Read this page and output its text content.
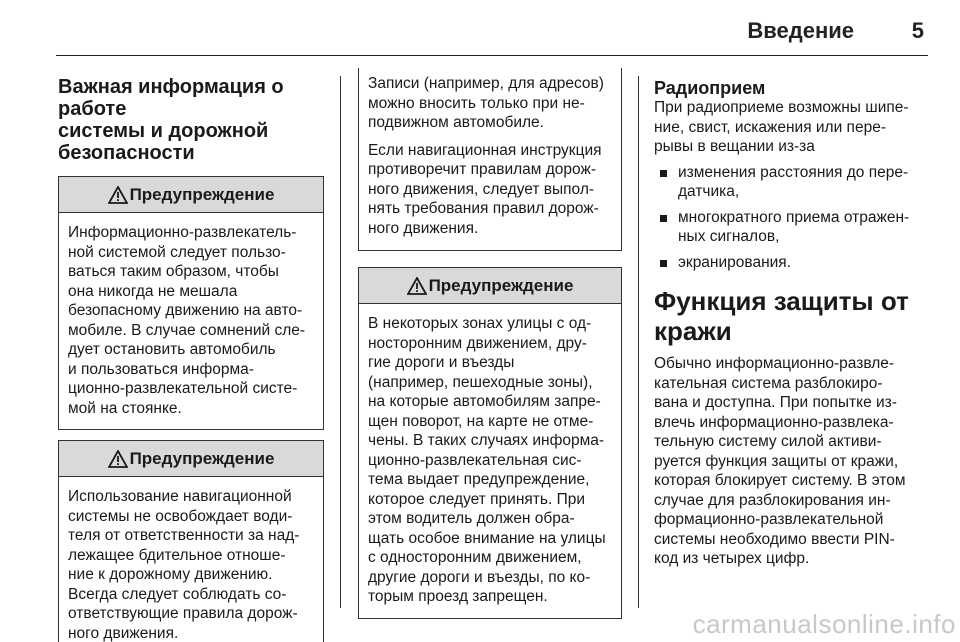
Введение	5
Важная информация о работе
системы и дорожной
безопасности
Предупреждение
Информационно-развлекатель-
ной системой следует пользо-
ваться таким образом, чтобы
она никогда не мешала
безопасному движению на авто-
мобиле. В случае сомнений сле-
дует остановить автомобиль
и пользоваться информа-
ционно-развлекательной систе-
мой на стоянке.
Предупреждение
Использование навигационной
системы не освобождает води-
теля от ответственности за над-
лежащее бдительное отноше-
ние к дорожному движению.
Всегда следует соблюдать со-
ответствующие правила дорож-
ного движения.
Записи (например, для адресов)
можно вносить только при не-
подвижном автомобиле.
Если навигационная инструкция
противоречит правилам дорож-
ного движения, следует выпол-
нять требования правил дорож-
ного движения.
Предупреждение
В некоторых зонах улицы с од-
носторонним движением, дру-
гие дороги и въезды
(например, пешеходные зоны),
на которые автомобилям запре-
щен поворот, на карте не отме-
чены. В таких случаях информа-
ционно-развлекательная сис-
тема выдает предупреждение,
которое следует принять. При
этом водитель должен обра-
щать особое внимание на улицы
с односторонним движением,
другие дороги и въезды, по ко-
торым проезд запрещен.
Радиоприем
При радиоприеме возможны шипе-
ние, свист, искажения или пере-
рывы в вещании из-за
изменения расстояния до пере-
датчика,
многократного приема отражен-
ных сигналов,
экранирования.
Функция защиты от
кражи
Обычно информационно-развле-
кательная система разблокиро-
вана и доступна. При попытке из-
влечь информационно-развлека-
тельную систему силой активи-
руется функция защиты от кражи,
которая блокирует систему. В этом
случае для разблокирования ин-
формационно-развлекательной
системы необходимо ввести PIN-
код из четырех цифр.
carmanualsonline.info
